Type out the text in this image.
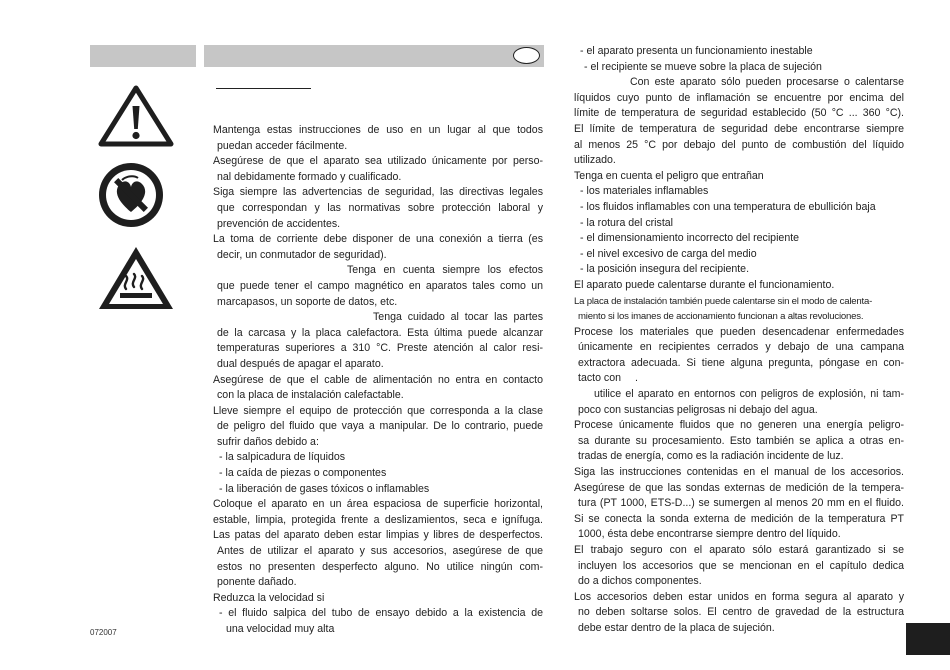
Mantenga estas instrucciones de uso en un lugar al que todos

puedan acceder fácilmente.

Asegúrese de que el aparato sea utilizado únicamente por perso-

nal debidamente formado y cualificado.

Siga siempre las advertencias de seguridad, las directivas legales

que correspondan y las normativas sobre protección laboral y

prevención de accidentes.

La toma de corriente debe disponer de una conexión a tierra (es

decir, un conmutador de seguridad).

Tenga en cuenta siempre los efectos

que puede tener el campo magnético en aparatos tales como un

marcapasos, un soporte de datos, etc.

Tenga cuidado al tocar las partes

de la carcasa y la placa calefactora. Esta última puede alcanzar

temperaturas superiores a 310 °C. Preste atención al calor resi-

dual después de apagar el aparato.

Asegúrese de que el cable de alimentación no entra en contacto

con la placa de instalación calefactable.

Lleve siempre el equipo de protección que corresponda a la clase

de peligro del fluido que vaya a manipular. De lo contrario, puede

sufrir daños debido a:

- la salpicadura de líquidos

- la caída de piezas o componentes

- la liberación de gases tóxicos o inflamables

Coloque el aparato en un área espaciosa de superficie horizontal,

estable, limpia, protegida frente a deslizamientos, seca e ignífuga.

Las patas del aparato deben estar limpias y libres de desperfectos.

Antes de utilizar el aparato y sus accesorios, asegúrese de que

estos no presenten desperfecto alguno. No utilice ningún com-

ponente dañado.

Reduzca la velocidad si

- el fluido salpica del tubo de ensayo debido a la existencia de

una velocidad muy alta

- el aparato presenta un funcionamiento inestable

- el recipiente se mueve sobre la placa de sujeción

Con este aparato sólo pueden procesarse o calentarse

líquidos cuyo punto de inflamación se encuentre por encima del

límite de temperatura de seguridad establecido (50 °C ... 360 °C).

El límite de temperatura de seguridad debe encontrarse siempre

al menos 25 °C por debajo del punto de combustión del líquido

utilizado.

Tenga en cuenta el peligro que entrañan

- los materiales inflamables

- los fluidos inflamables con una temperatura de ebullición baja

- la rotura del cristal

- el dimensionamiento incorrecto del recipiente

- el nivel excesivo de carga del medio

- la posición insegura del recipiente.

El aparato puede calentarse durante el funcionamiento.

La placa de instalación también puede calentarse sin el modo de calenta-

miento si los imanes de accionamiento funcionan a altas revoluciones.

Procese los materiales que pueden desencadenar enfermedades

únicamente en recipientes cerrados y debajo de una campana

extractora adecuada. Si tiene alguna pregunta, póngase en con-

tacto con .

utilice el aparato en entornos con peligros de explosión, ni tam-

poco con sustancias peligrosas ni debajo del agua.

Procese únicamente fluidos que no generen una energía peligro-

sa durante su procesamiento. Esto también se aplica a otras en-

tradas de energía, como es la radiación incidente de luz.

Siga las instrucciones contenidas en el manual de los accesorios.

Asegúrese de que las sondas externas de medición de la tempera-

tura (PT 1000, ETS-D...) se sumergen al menos 20 mm en el fluido.

Si se conecta la sonda externa de medición de la temperatura PT

1000, ésta debe encontrarse siempre dentro del líquido.

El trabajo seguro con el aparato sólo estará garantizado si se

incluyen los accesorios que se mencionan en el capítulo dedica

do a dichos componentes.

Los accesorios deben estar unidos en forma segura al aparato y

no deben soltarse solos. El centro de gravedad de la estructura

debe estar dentro de la placa de sujeción.

072007
